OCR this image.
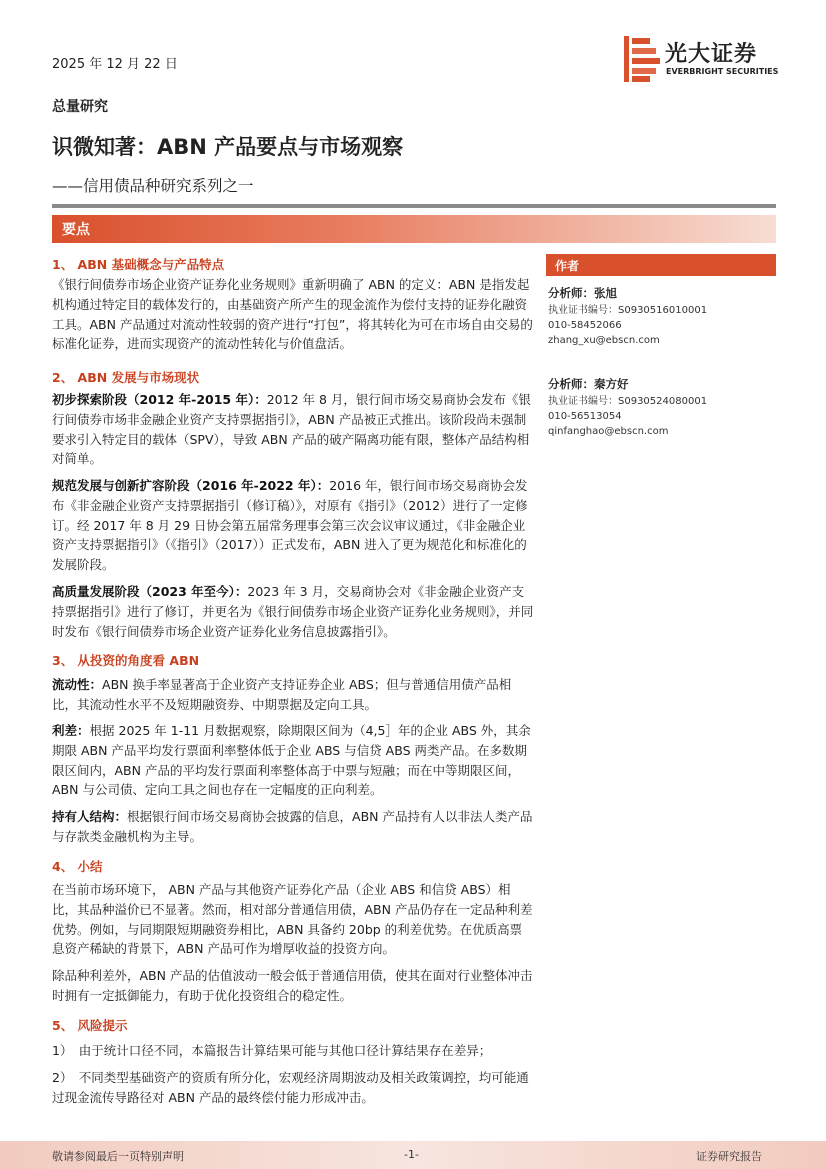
2025 年 12 月 22 日	光大证券
EVERBRIGHT SECURITIES
总量研究
识微知著：ABN 产品要点与市场观察
——信用债品种研究系列之一
要点
1、 ABN 基础概念与产品特点
《银行间债券市场企业资产证券化业务规则》重新明确了 ABN 的定义：ABN 是指发起机构通过特定目的载体发行的，由基础资产所产生的现金流作为偿付支持的证券化融资工具。ABN 产品通过对流动性较弱的资产进行“打包”，将其转化为可在市场自由交易的标准化证券，进而实现资产的流动性转化与价值盘活。
2、 ABN 发展与市场现状
初步探索阶段（2012 年-2015 年）：2012 年 8 月，银行间市场交易商协会发布《银行间债券市场非金融企业资产支持票据指引》，ABN 产品被正式推出。该阶段尚未强制要求引入特定目的载体（SPV），导致 ABN 产品的破产隔离功能有限，整体产品结构相对简单。
规范发展与创新扩容阶段（2016 年-2022 年）：2016 年，银行间市场交易商协会发布《非金融企业资产支持票据指引（修订稿）》，对原有《指引》（2012）进行了一定修订。经 2017 年 8 月 29 日协会第五届常务理事会第三次会议审议通过，《非金融企业资产支持票据指引》（《指引》（2017））正式发布，ABN 进入了更为规范化和标准化的发展阶段。
高质量发展阶段（2023 年至今）：2023 年 3 月，交易商协会对《非金融企业资产支持票据指引》进行了修订，并更名为《银行间债券市场企业资产证券化业务规则》，并同时发布《银行间债券市场企业资产证券化业务信息披露指引》。
3、 从投资的角度看 ABN
流动性：ABN 换手率显著高于企业资产支持证券企业 ABS；但与普通信用债产品相比，其流动性水平不及短期融资券、中期票据及定向工具。
利差：根据 2025 年 1-11 月数据观察，除期限区间为（4,5］年的企业 ABS 外，其余期限 ABN 产品平均发行票面利率整体低于企业 ABS 与信贷 ABS 两类产品。在多数期限区间内，ABN 产品的平均发行票面利率整体高于中票与短融；而在中等期限区间，ABN 与公司债、定向工具之间也存在一定幅度的正向利差。
持有人结构：根据银行间市场交易商协会披露的信息，ABN 产品持有人以非法人类产品与存款类金融机构为主导。
4、 小结
在当前市场环境下， ABN 产品与其他资产证券化产品（企业 ABS 和信贷 ABS）相比，其品种溢价已不显著。然而，相对部分普通信用债，ABN 产品仍存在一定品种利差优势。例如，与同期限短期融资券相比，ABN 具备约 20bp 的利差优势。在优质高票息资产稀缺的背景下，ABN 产品可作为增厚收益的投资方向。
除品种利差外，ABN 产品的估值波动一般会低于普通信用债，使其在面对行业整体冲击时拥有一定抵御能力，有助于优化投资组合的稳定性。
5、 风险提示
1）　由于统计口径不同，本篇报告计算结果可能与其他口径计算结果存在差异；
2）　不同类型基础资产的资质有所分化，宏观经济周期波动及相关政策调控，均可能通过现金流传导路径对 ABN 产品的最终偿付能力形成冲击。
作者
分析师：张旭
执业证书编号：S0930516010001
010-58452066
zhang_xu@ebscn.com
分析师：秦方好
执业证书编号：S0930524080001
010-56513054
qinfanghao@ebscn.com
敬请参阅最后一页特别声明	-1-	证券研究报告
